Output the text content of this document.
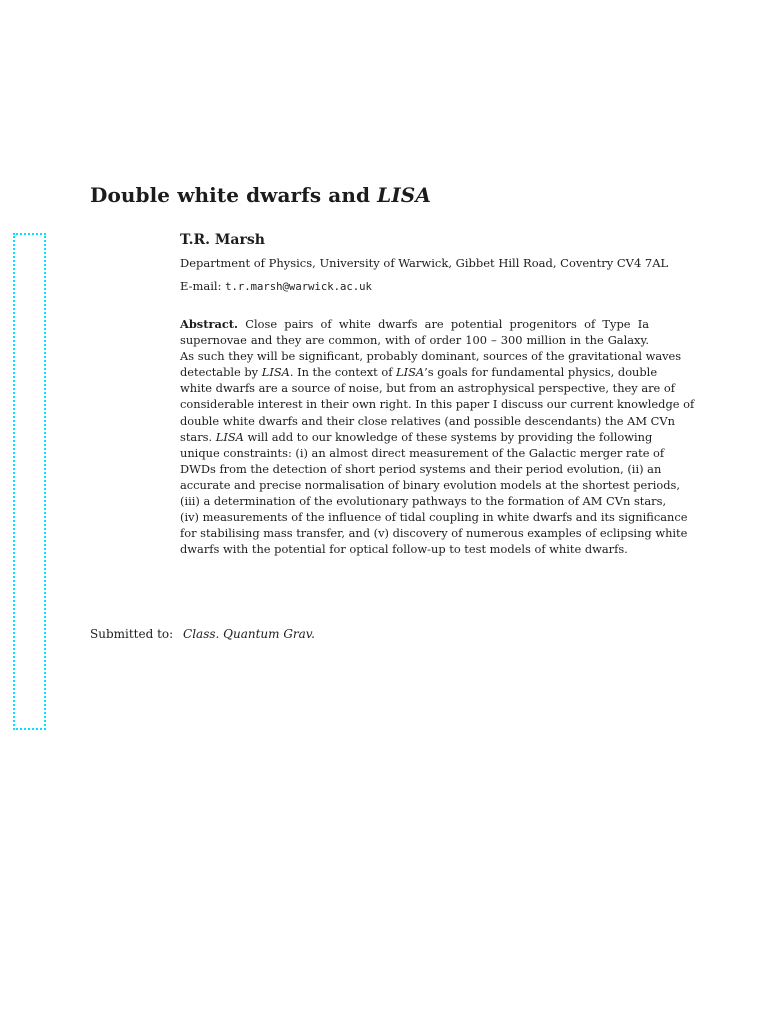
Double white dwarfs and LISA
T.R. Marsh
Department of Physics, University of Warwick, Gibbet Hill Road, Coventry CV4 7AL
E-mail: t.r.marsh@warwick.ac.uk
Abstract. Close pairs of white dwarfs are potential progenitors of Type Ia
supernovae and they are common, with of order 100 – 300 million in the Galaxy.
As such they will be significant, probably dominant, sources of the gravitational waves
detectable by LISA. In the context of LISA’s goals for fundamental physics, double
white dwarfs are a source of noise, but from an astrophysical perspective, they are of
considerable interest in their own right. In this paper I discuss our current knowledge of
double white dwarfs and their close relatives (and possible descendants) the AM CVn
stars. LISA will add to our knowledge of these systems by providing the following
unique constraints: (i) an almost direct measurement of the Galactic merger rate of
DWDs from the detection of short period systems and their period evolution, (ii) an
accurate and precise normalisation of binary evolution models at the shortest periods,
(iii) a determination of the evolutionary pathways to the formation of AM CVn stars,
(iv) measurements of the influence of tidal coupling in white dwarfs and its significance
for stabilising mass transfer, and (v) discovery of numerous examples of eclipsing white
dwarfs with the potential for optical follow-up to test models of white dwarfs.
Submitted to: Class. Quantum Grav.
